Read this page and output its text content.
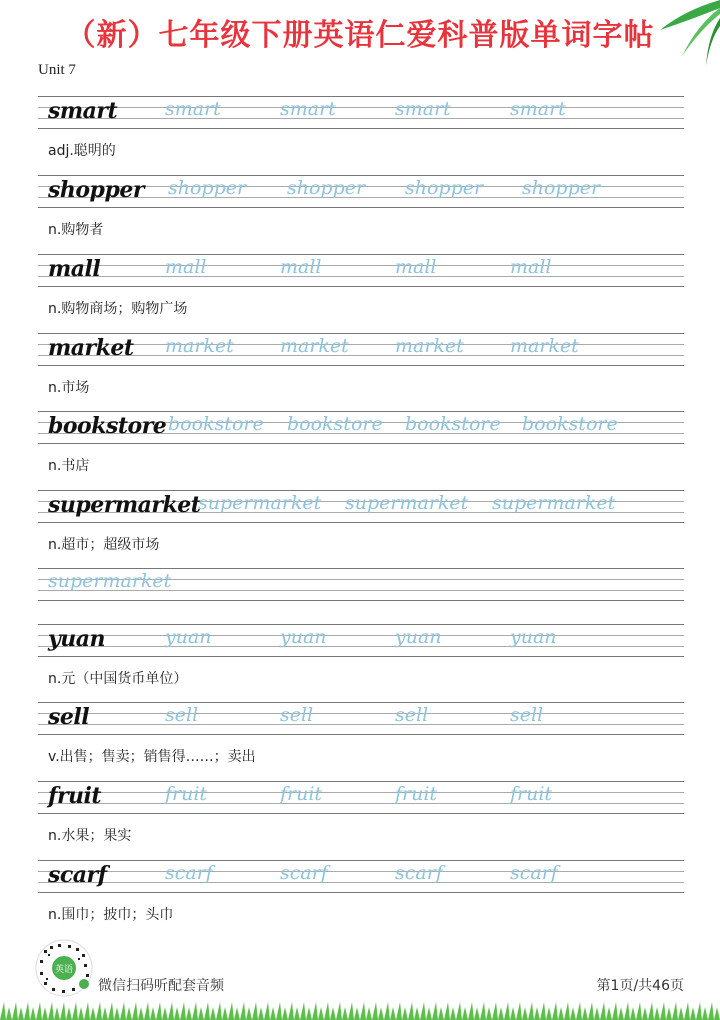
（新）七年级下册英语仁爱科普版单词字帖
Unit 7
smart	smart	smart	smart	smart
adj.聪明的
shopper shopper shopper shopper shopper
n.购物者
mall	mall	mall	mall	mall
n.购物商场；购物广场
market market market market market
n.市场
bookstore bookstore bookstore bookstore bookstore
n.书店
supermarket
supermarket supermarket supermarket
n.超市；超级市场
supermarket
yuan	yuan	yuan	yuan	yuan
n.元（中国货币单位）
sell	sell	sell	sell	sell
v.出售；售卖；销售得……；卖出
fruit	fruit	fruit	fruit	fruit
n.水果；果实
scarf	scarf	scarf	scarf	scarf
n.围巾；披巾；头巾
英语
微信扫码听配套音频	第1页/共46页
